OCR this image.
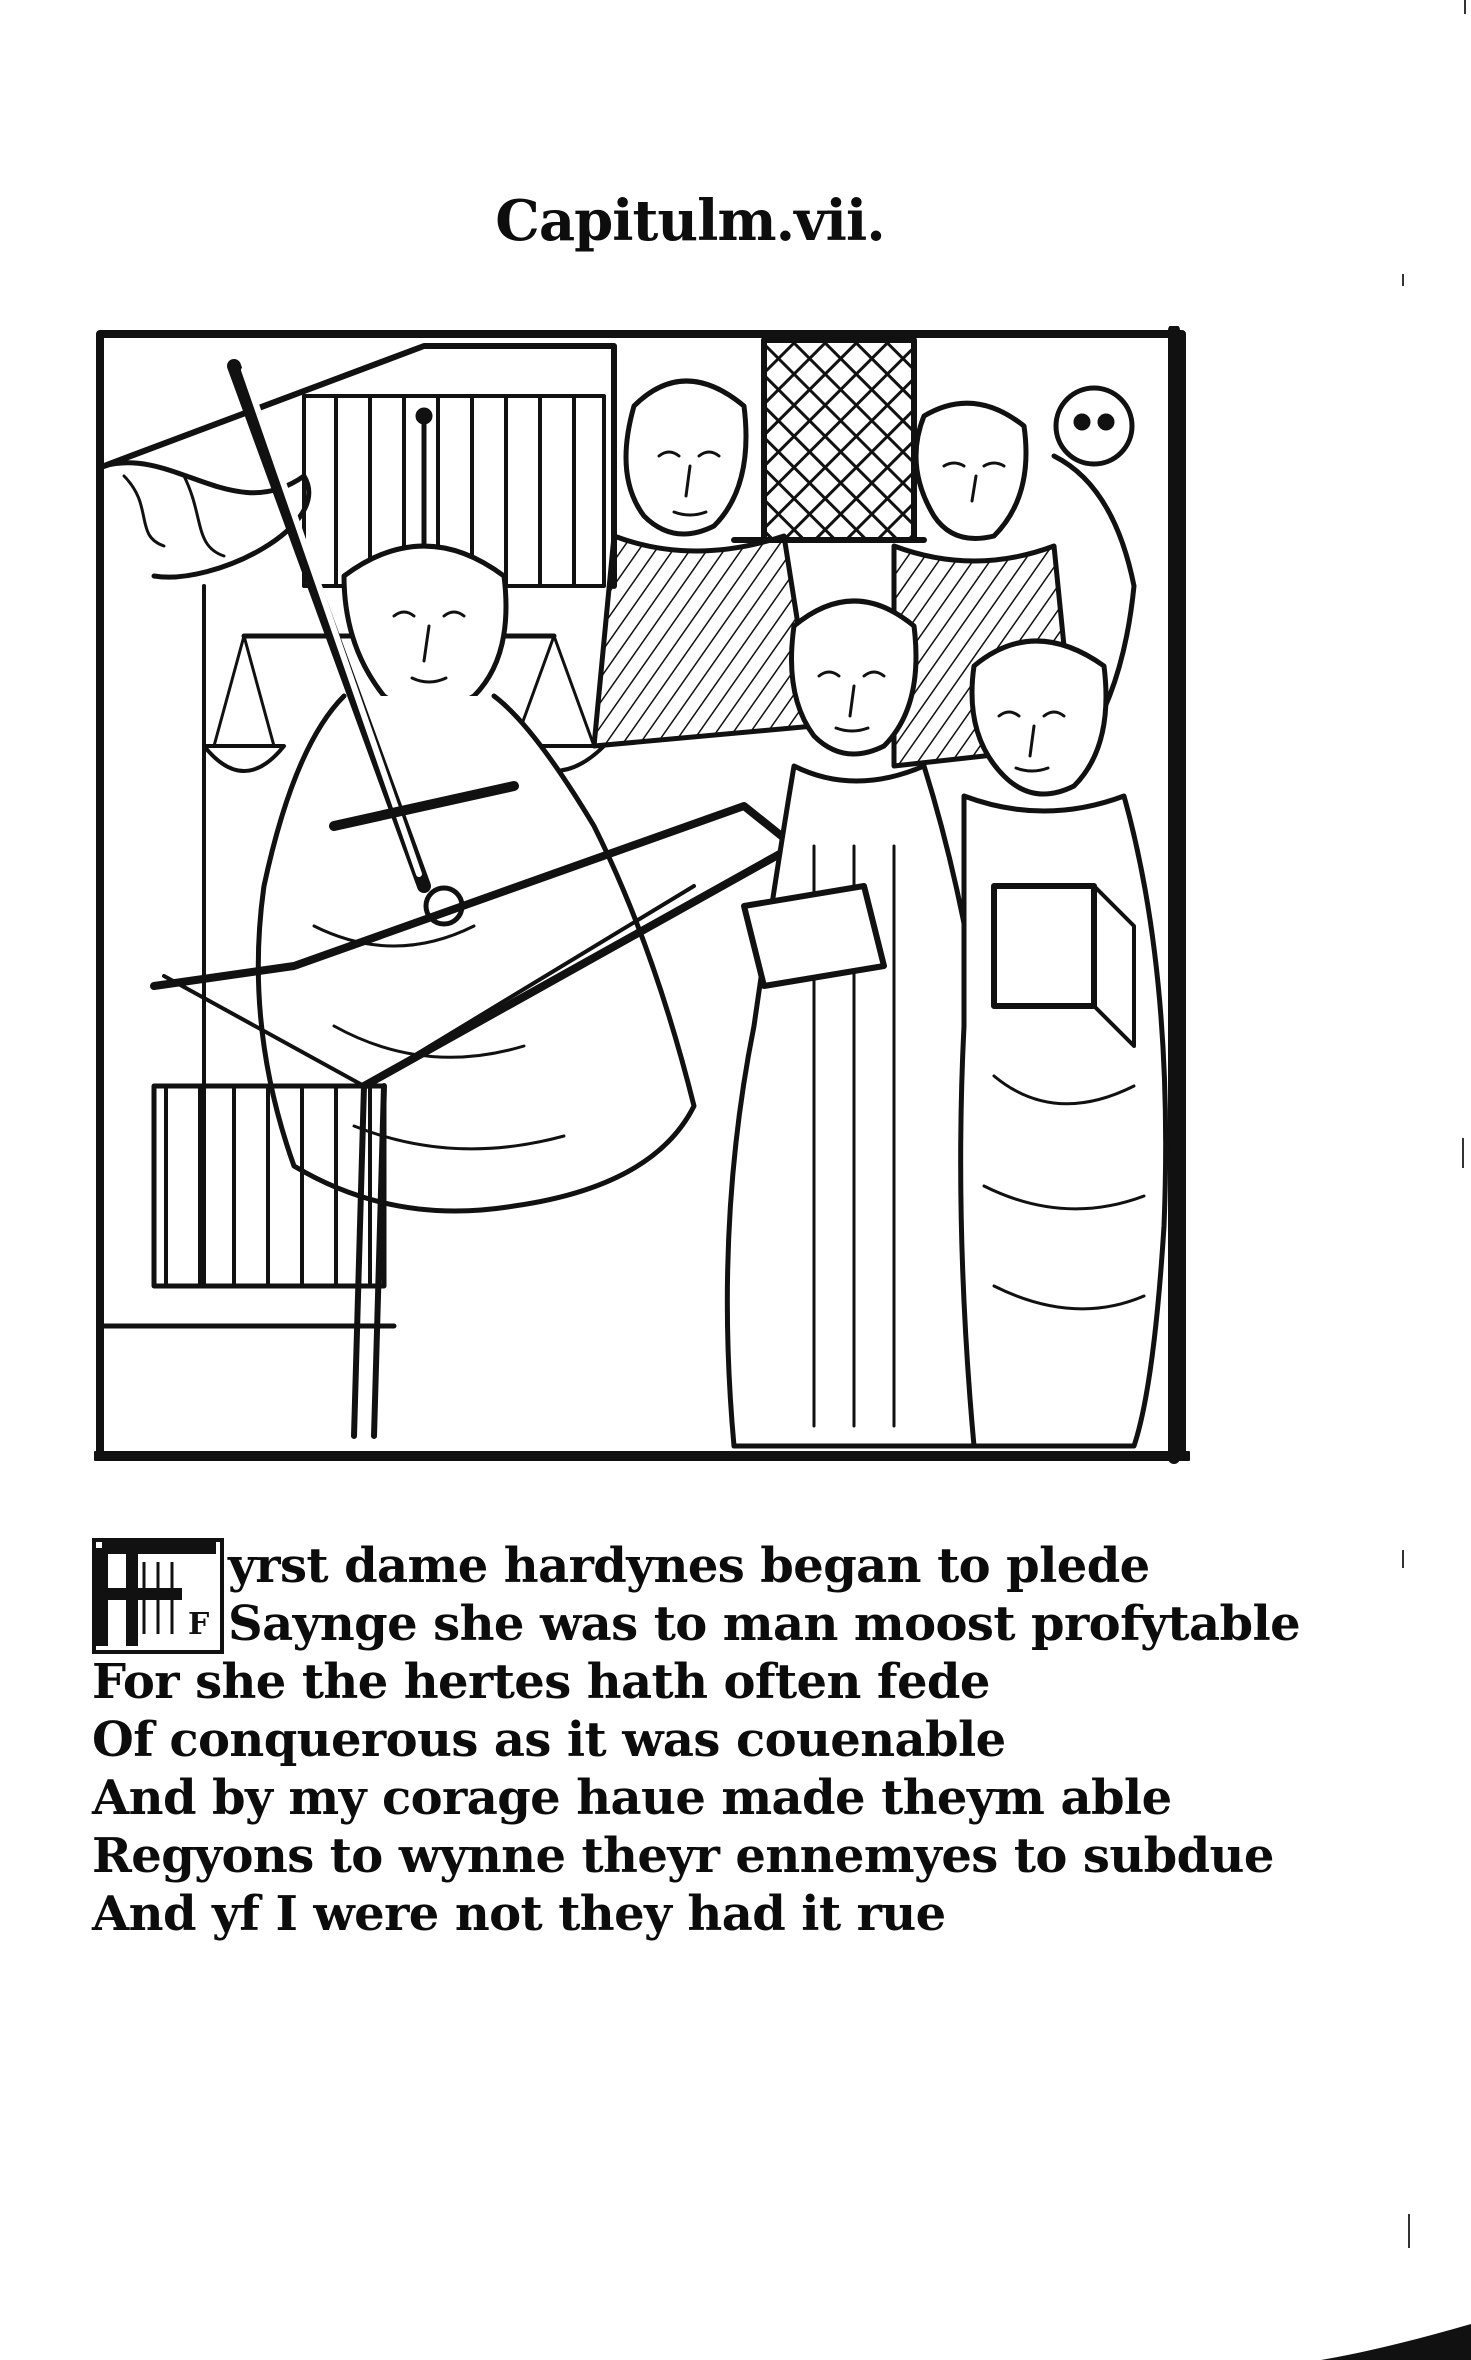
Capitulm.vii.
F
yrst dame hardynes began to plede
Saynge she was to man moost profytable
For she the hertes hath often fede
Of conquerous as it was couenable
And by my corage haue made theym able
Regyons to wynne theyr ennemyes to subdue
And yf I were not they had it rue
